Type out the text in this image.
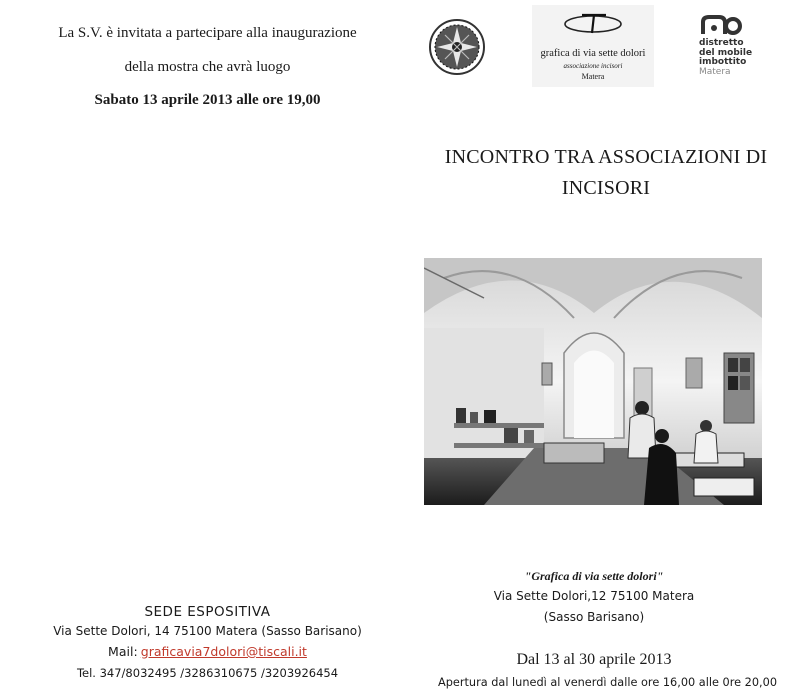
La S.V. è invitata a partecipare alla inaugurazione
della mostra che avrà luogo
Sabato 13 aprile 2013 alle ore 19,00
grafica di via sette dolori
associazione incisori
Matera
distretto
del mobile
imbottito
Matera
INCONTRO TRA ASSOCIAZIONI DI
INCISORI
"Grafica di via sette dolori"
Via Sette Dolori,12 75100 Matera
(Sasso Barisano)
Dal 13 al 30 aprile 2013
Apertura dal lunedì al venerdì dalle ore 16,00 alle 0re 20,00
SEDE ESPOSITIVA
Via Sette Dolori, 14 75100 Matera (Sasso Barisano)
Mail: graficavia7dolori@tiscali.it
Tel. 347/8032495 /3286310675 /3203926454
